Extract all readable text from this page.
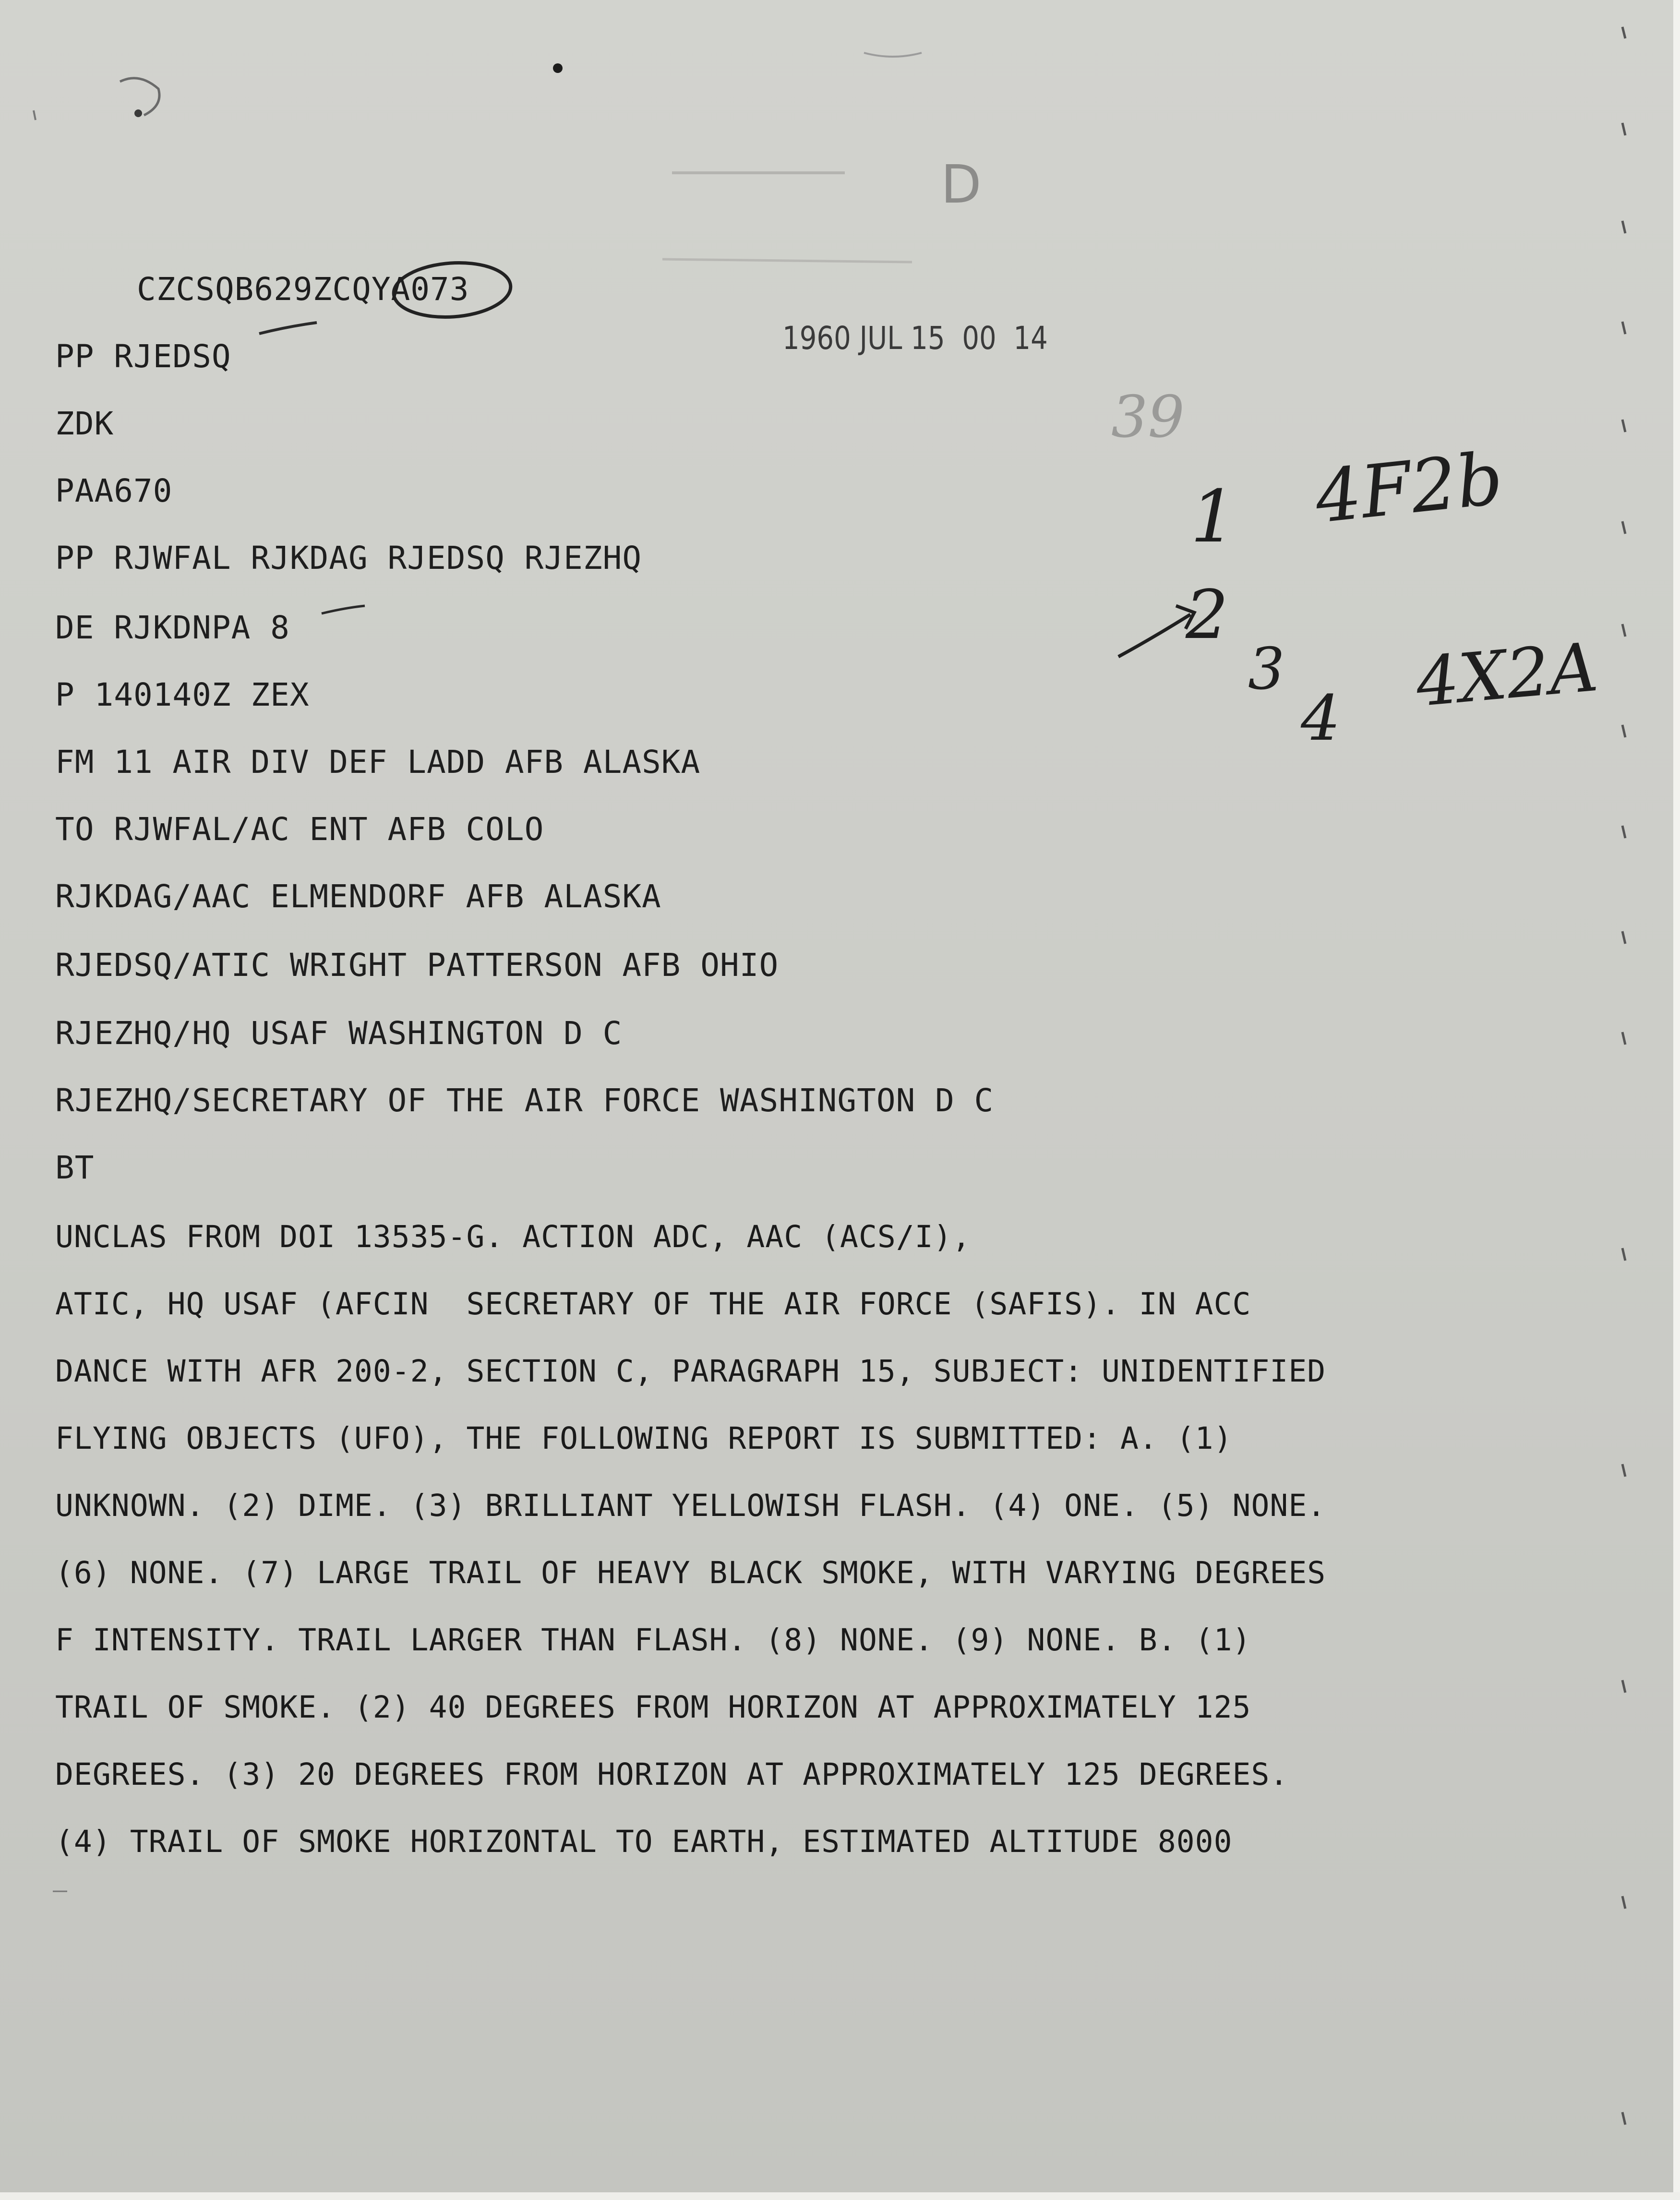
D
CZCSQB629ZCQYA073
1960 JUL 15  00  14
PP RJEDSQ
ZDK
PAA670
PP RJWFAL RJKDAG RJEDSQ RJEZHQ
DE RJKDNPA 8
P 140140Z ZEX
FM 11 AIR DIV DEF LADD AFB ALASKA
TO RJWFAL/AC ENT AFB COLO
RJKDAG/AAC ELMENDORF AFB ALASKA
RJEDSQ/ATIC WRIGHT PATTERSON AFB OHIO
RJEZHQ/HQ USAF WASHINGTON D C
RJEZHQ/SECRETARY OF THE AIR FORCE WASHINGTON D C
BT
UNCLAS FROM DOI 13535-G. ACTION ADC, AAC (ACS/I),
ATIC, HQ USAF (AFCIN  SECRETARY OF THE AIR FORCE (SAFIS). IN ACC
DANCE WITH AFR 200-2, SECTION C, PARAGRAPH 15, SUBJECT: UNIDENTIFIED
FLYING OBJECTS (UFO), THE FOLLOWING REPORT IS SUBMITTED: A. (1)
UNKNOWN. (2) DIME. (3) BRILLIANT YELLOWISH FLASH. (4) ONE. (5) NONE.
(6) NONE. (7) LARGE TRAIL OF HEAVY BLACK SMOKE, WITH VARYING DEGREES
F INTENSITY. TRAIL LARGER THAN FLASH. (8) NONE. (9) NONE. B. (1)
TRAIL OF SMOKE. (2) 40 DEGREES FROM HORIZON AT APPROXIMATELY 125
DEGREES. (3) 20 DEGREES FROM HORIZON AT APPROXIMATELY 125 DEGREES.
(4) TRAIL OF SMOKE HORIZONTAL TO EARTH, ESTIMATED ALTITUDE 8000
39
1 4F2b
2
3
4 4X2A
